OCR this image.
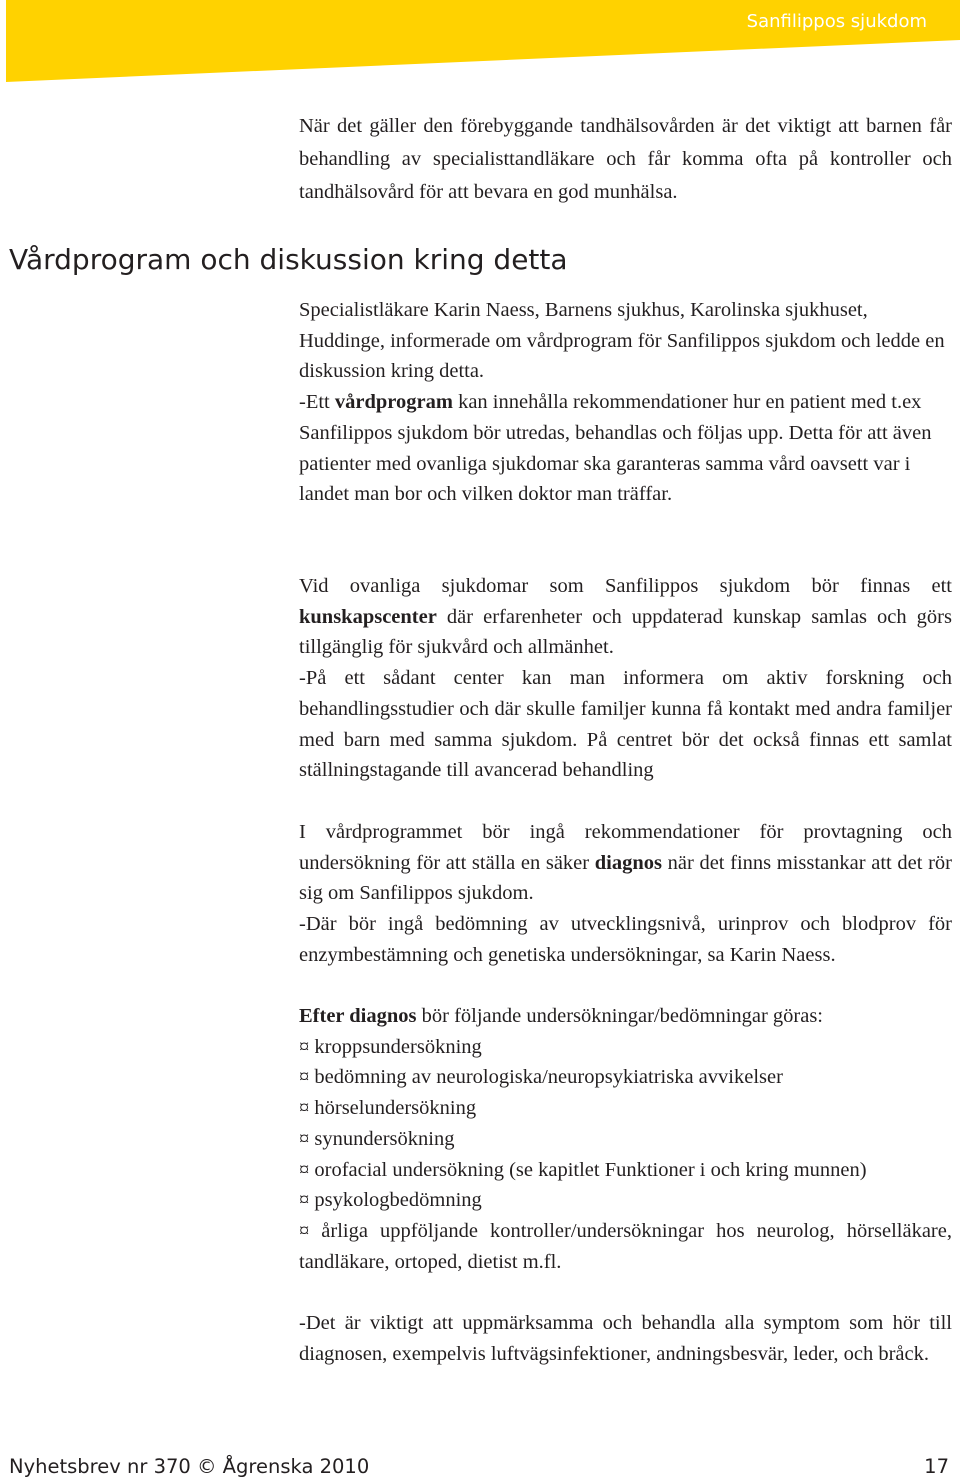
Sanfilippos sjukdom

När det gäller den förebyggande tandhälsovården är det viktigt att barnen får behandling av specialisttandläkare och får komma ofta på kontroller och tandhälsovård för att bevara en god munhälsa.

Vårdprogram och diskussion kring detta

Specialistläkare Karin Naess, Barnens sjukhus, Karolinska sjukhuset, Huddinge, informerade om vårdprogram för Sanfilippos sjukdom och ledde en diskussion kring detta.

-Ett vårdprogram kan innehålla rekommendationer hur en patient med t.ex Sanfilippos sjukdom bör utredas, behandlas och följas upp. Detta för att även patienter med ovanliga sjukdomar ska garanteras samma vård oavsett var i landet man bor och vilken doktor man träffar.

Vid ovanliga sjukdomar som Sanfilippos sjukdom bör finnas ett kunskapscenter där erfarenheter och uppdaterad kunskap samlas och görs tillgänglig för sjukvård och allmänhet.

-På ett sådant center kan man informera om aktiv forskning och behandlingsstudier och där skulle familjer kunna få kontakt med andra familjer med barn med samma sjukdom. På centret bör det också finnas ett samlat ställningstagande till avancerad behandling

I vårdprogrammet bör ingå rekommendationer för provtagning och undersökning för att ställa en säker diagnos när det finns misstankar att det rör sig om Sanfilippos sjukdom.

-Där bör ingå bedömning av utvecklingsnivå, urinprov och blodprov för enzymbestämning och genetiska undersökningar, sa Karin Naess.

Efter diagnos bör följande undersökningar/bedömningar göras:

¤ kroppsundersökning
¤ bedömning av neurologiska/neuropsykiatriska avvikelser
¤ hörselundersökning
¤ synundersökning
¤ orofacial undersökning (se kapitlet Funktioner i och kring munnen)
¤ psykologbedömning
¤ årliga uppföljande kontroller/undersökningar hos neurolog, hörselläkare, tandläkare, ortoped, dietist m.fl.

-Det är viktigt att uppmärksamma och behandla alla symptom som hör till diagnosen, exempelvis luftvägsinfektioner, andningsbesvär, leder, och bråck.

Nyhetsbrev nr 370 © Ågrenska 2010	17
